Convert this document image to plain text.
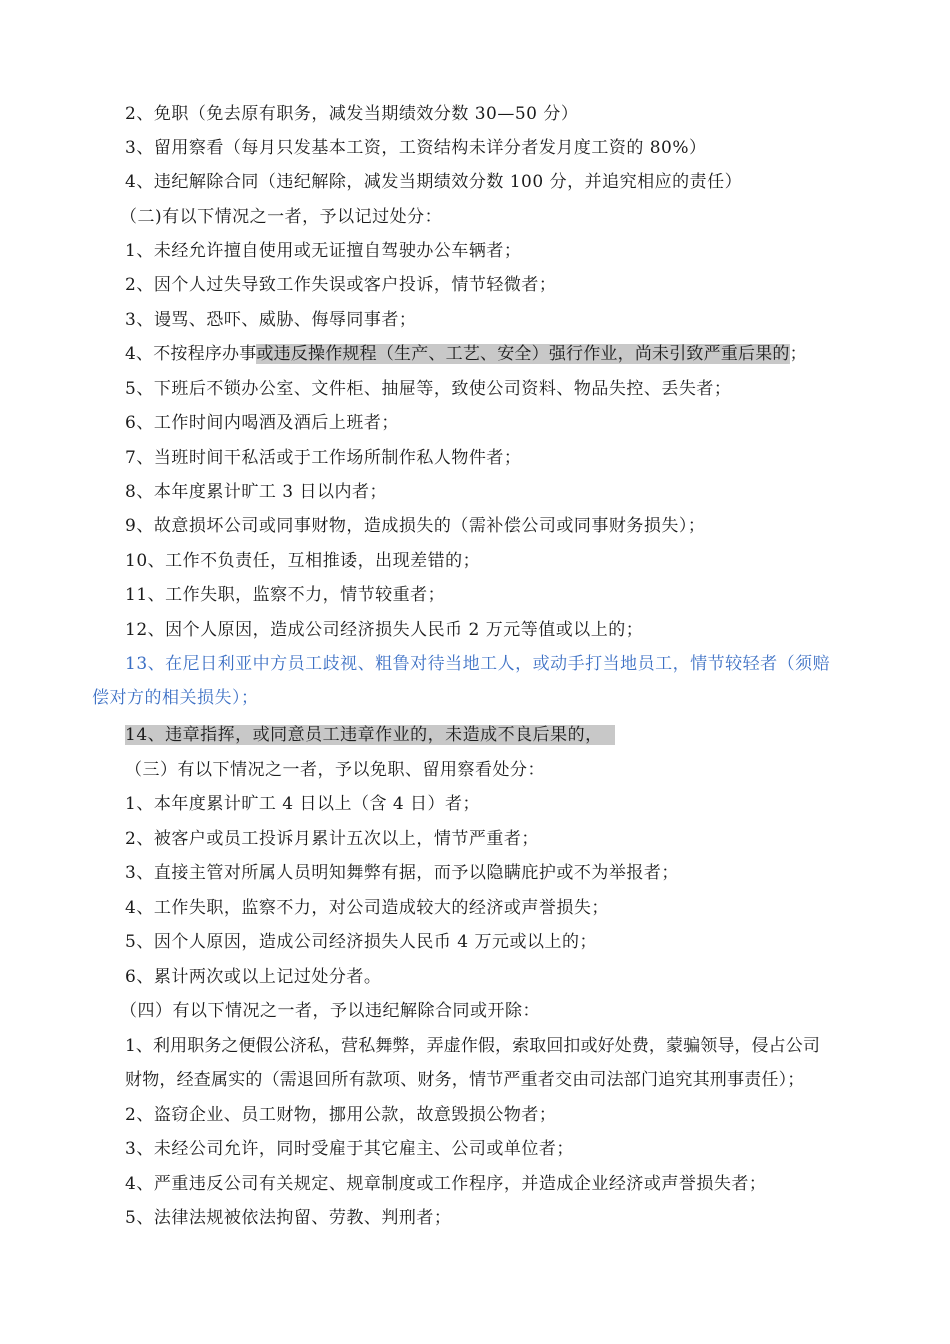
2、免职（免去原有职务，减发当期绩效分数 30—50 分）
3、留用察看（每月只发基本工资，工资结构未详分者发月度工资的 80%）
4、违纪解除合同（违纪解除，减发当期绩效分数 100 分，并追究相应的责任）
（二)有以下情况之一者，予以记过处分：
1、未经允许擅自使用或无证擅自驾驶办公车辆者；
2、因个人过失导致工作失误或客户投诉，情节轻微者；
3、谩骂、恐吓、威胁、侮辱同事者；
4、不按程序办事或违反操作规程（生产、工艺、安全）强行作业，尚未引致严重后果的；
5、下班后不锁办公室、文件柜、抽屉等，致使公司资料、物品失控、丢失者；
6、工作时间内喝酒及酒后上班者；
7、当班时间干私活或于工作场所制作私人物件者；
8、本年度累计旷工 3 日以内者；
9、故意损坏公司或同事财物，造成损失的（需补偿公司或同事财务损失）；
10、工作不负责任，互相推诿，出现差错的；
11、工作失职，监察不力，情节较重者；
12、因个人原因，造成公司经济损失人民币 2 万元等值或以上的；
13、在尼日利亚中方员工歧视、粗鲁对待当地工人，或动手打当地员工，情节较轻者（须赔
偿对方的相关损失）；
14、违章指挥，或同意员工违章作业的，未造成不良后果的，
（三）有以下情况之一者，予以免职、留用察看处分：
1、本年度累计旷工 4 日以上（含 4 日）者；
2、被客户或员工投诉月累计五次以上，情节严重者；
3、直接主管对所属人员明知舞弊有据，而予以隐瞒庇护或不为举报者；
4、工作失职，监察不力，对公司造成较大的经济或声誉损失；
5、因个人原因，造成公司经济损失人民币 4 万元或以上的；
6、累计两次或以上记过处分者。
（四）有以下情况之一者，予以违纪解除合同或开除：
1、利用职务之便假公济私，营私舞弊，弄虚作假，索取回扣或好处费，蒙骗领导，侵占公司
财物，经查属实的（需退回所有款项、财务，情节严重者交由司法部门追究其刑事责任）；
2、盗窃企业、员工财物，挪用公款，故意毁损公物者；
3、未经公司允许，同时受雇于其它雇主、公司或单位者；
4、严重违反公司有关规定、规章制度或工作程序，并造成企业经济或声誉损失者；
5、法律法规被依法拘留、劳教、判刑者；
